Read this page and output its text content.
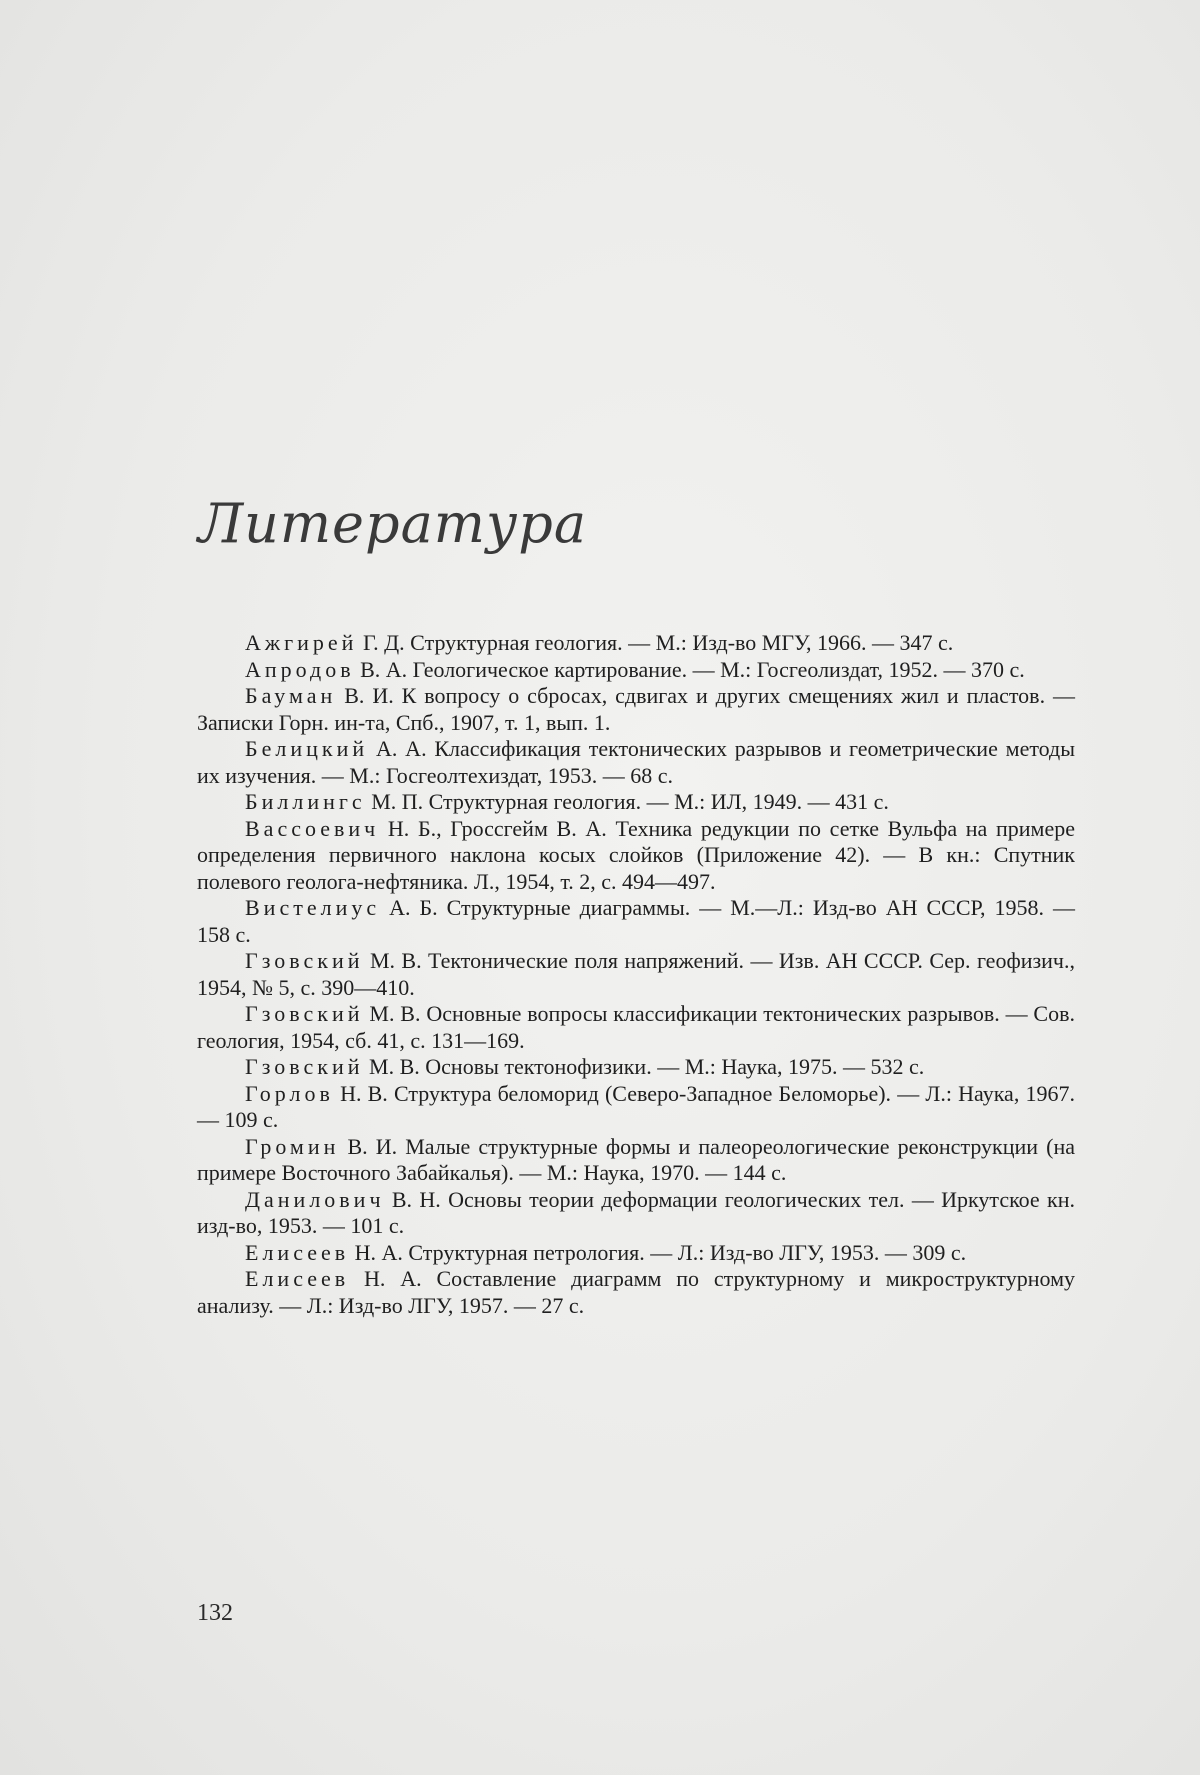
Литература
Ажгирей Г. Д. Структурная геология. — М.: Изд-во МГУ, 1966. — 347 с.
Апродов В. А. Геологическое картирование. — М.: Госгеолиздат, 1952. — 370 с.
Бауман В. И. К вопросу о сбросах, сдвигах и других смещениях жил и пластов. — Записки Горн. ин-та, Спб., 1907, т. 1, вып. 1.
Белицкий А. А. Классификация тектонических разрывов и геометрические методы их изучения. — М.: Госгеолтехиздат, 1953. — 68 с.
Биллингс М. П. Структурная геология. — М.: ИЛ, 1949. — 431 с.
Вассоевич Н. Б., Гроссгейм В. А. Техника редукции по сетке Вульфа на примере определения первичного наклона косых слойков (Приложение 42). — В кн.: Спутник полевого геолога-нефтяника. Л., 1954, т. 2, с. 494—497.
Вистелиус А. Б. Структурные диаграммы. — М.—Л.: Изд-во АН СССР, 1958. — 158 с.
Гзовский М. В. Тектонические поля напряжений. — Изв. АН СССР. Сер. геофизич., 1954, № 5, с. 390—410.
Гзовский М. В. Основные вопросы классификации тектонических разрывов. — Сов. геология, 1954, сб. 41, с. 131—169.
Гзовский М. В. Основы тектонофизики. — М.: Наука, 1975. — 532 с.
Горлов Н. В. Структура беломорид (Северо-Западное Беломорье). — Л.: Наука, 1967. — 109 с.
Громин В. И. Малые структурные формы и палеореологические реконструкции (на примере Восточного Забайкалья). — М.: Наука, 1970. — 144 с.
Данилович В. Н. Основы теории деформации геологических тел. — Иркутское кн. изд-во, 1953. — 101 с.
Елисеев Н. А. Структурная петрология. — Л.: Изд-во ЛГУ, 1953. — 309 с.
Елисеев Н. А. Составление диаграмм по структурному и микроструктурному анализу. — Л.: Изд-во ЛГУ, 1957. — 27 с.
132
